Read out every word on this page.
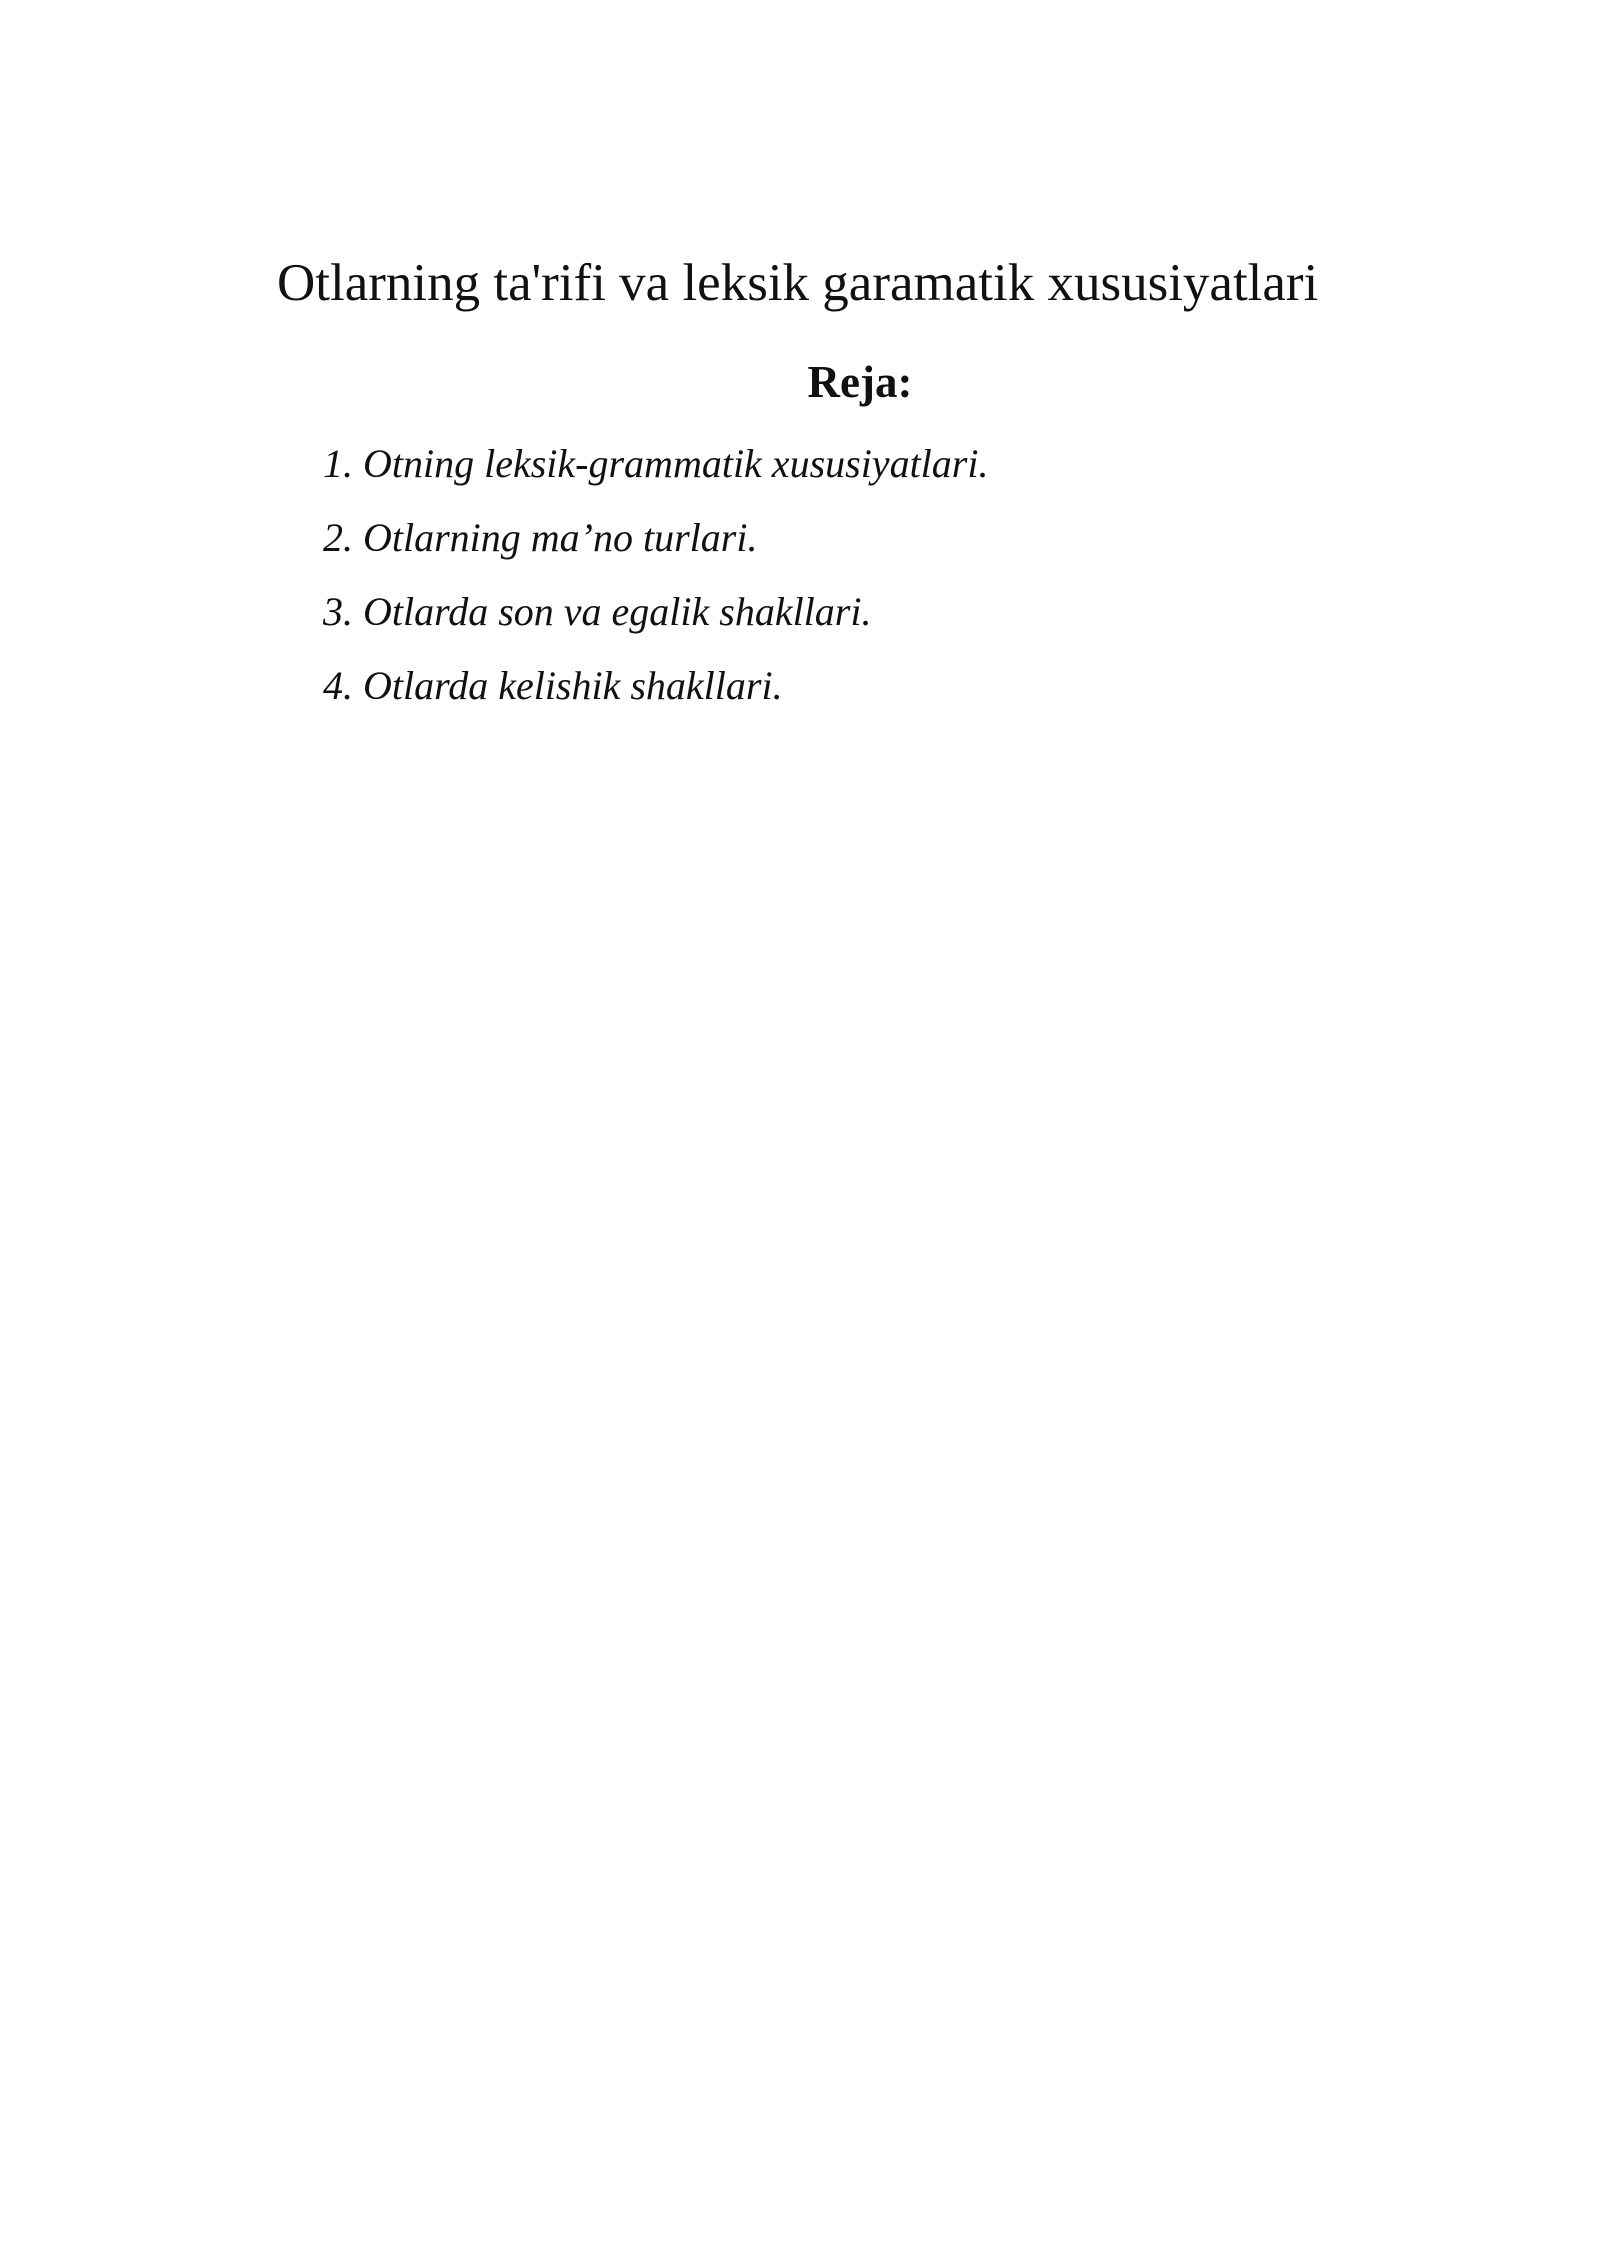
Otlarning ta'rifi va leksik garamatik xususiyatlari
Reja:
1. Otning leksik-grammatik xususiyatlari.
2. Otlarning ma’no turlari.
3. Otlarda son va egalik shakllari.
4. Otlarda kelishik shakllari.
